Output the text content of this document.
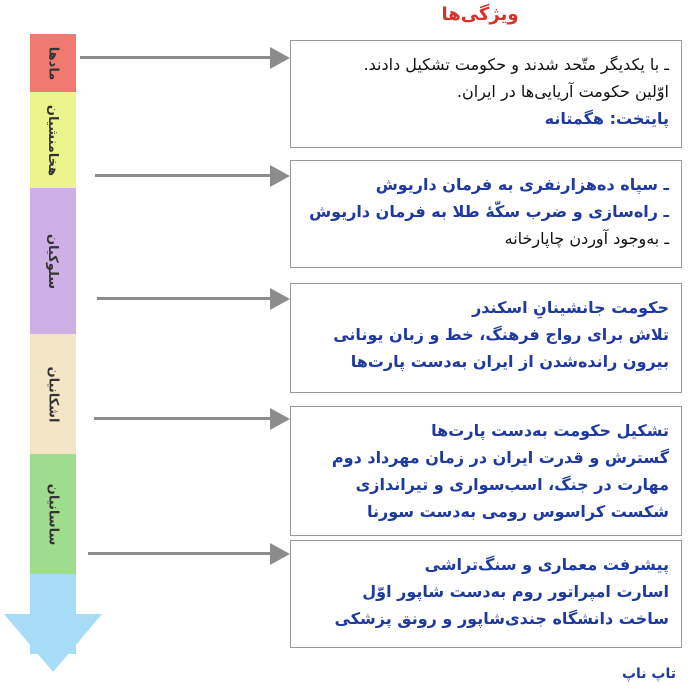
ویژگی‌ها
مادها
هخامنشیان
سلوکیان
اشکانیان
ساسانیان
ـ با یکدیگر متّحد شدند و حکومت تشکیل دادند.
اوّلین حکومت آریایی‌ها در ایران.
پایتخت: هگمتانه
ـ سپاه ده‌هزارنفری به فرمان داریوش
ـ راه‌سازی و ضرب سکّهٔ طلا به فرمان داریوش
ـ به‌وجود آوردن چاپارخانه
حکومت جانشینانِ اسکندر
تلاش برای رواج فرهنگ، خط و زبان یونانی
بیرون رانده‌شدن از ایران به‌دست پارت‌ها
تشکیل حکومت به‌دست پارت‌ها
گسترش و قدرت ایران در زمان مهرداد دوم
مهارت در جنگ، اسب‌سواری و تیراندازی
شکست کراسوس رومی به‌دست سورنا
پیشرفت معماری و سنگ‌تراشی
اسارت امپراتور روم به‌دست شاپور اوّل
ساخت دانشگاه جندی‌شاپور و رونق پزشکی
تاپ ناپ
